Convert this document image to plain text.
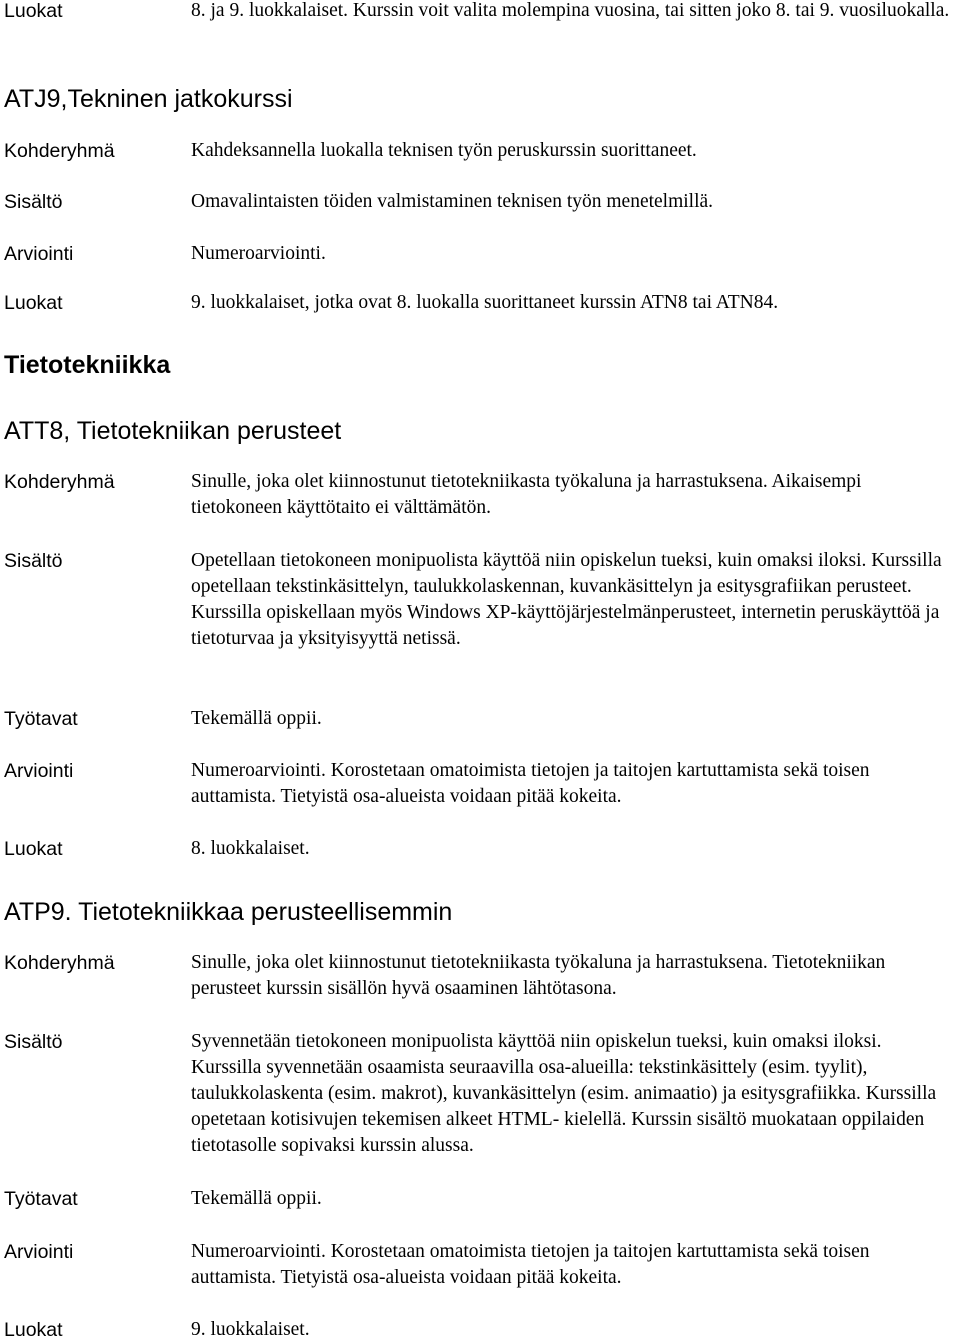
Luokat	8. ja 9. luokkalaiset. Kurssin voit valita molempina vuosina, tai sitten joko 8. tai 9. vuosiluokalla.
ATJ9,Tekninen jatkokurssi
Kohderyhmä	Kahdeksannella luokalla teknisen työn peruskurssin suorittaneet.
Sisältö	Omavalintaisten töiden valmistaminen teknisen työn menetelmillä.
Arviointi	Numeroarviointi.
Luokat	9. luokkalaiset, jotka ovat 8. luokalla suorittaneet kurssin ATN8 tai ATN84.
Tietotekniikka
ATT8, Tietotekniikan perusteet
Kohderyhmä	Sinulle, joka olet kiinnostunut tietotekniikasta työkaluna ja harrastuksena. Aikaisempi tietokoneen käyttötaito ei välttämätön.
Sisältö	Opetellaan tietokoneen monipuolista käyttöä niin opiskelun tueksi, kuin omaksi iloksi. Kurssilla opetellaan tekstinkäsittelyn, taulukkolaskennan, kuvankäsittelyn ja esitysgrafiikan perusteet. Kurssilla opiskellaan myös Windows XP-käyttöjärjestelmänperusteet, internetin peruskäyttöä ja tietoturvaa ja yksityisyyttä netissä.
Työtavat	Tekemällä oppii.
Arviointi	Numeroarviointi. Korostetaan omatoimista tietojen ja taitojen kartuttamista sekä toisen auttamista. Tietyistä osa-alueista voidaan pitää kokeita.
Luokat	8. luokkalaiset.
ATP9. Tietotekniikkaa perusteellisemmin
Kohderyhmä	Sinulle, joka olet kiinnostunut tietotekniikasta työkaluna ja harrastuksena. Tietotekniikan perusteet kurssin sisällön hyvä osaaminen lähtötasona.
Sisältö	Syvennetään tietokoneen monipuolista käyttöä niin opiskelun tueksi, kuin omaksi iloksi. Kurssilla syvennetään osaamista seuraavilla osa-alueilla: tekstinkäsittely (esim. tyylit), taulukkolaskenta (esim. makrot), kuvankäsittelyn (esim. animaatio) ja esitysgrafiikka. Kurssilla opetetaan kotisivujen tekemisen alkeet HTML- kielellä. Kurssin sisältö muokataan oppilaiden tietotasolle sopivaksi kurssin alussa.
Työtavat	Tekemällä oppii.
Arviointi	Numeroarviointi. Korostetaan omatoimista tietojen ja taitojen kartuttamista sekä toisen auttamista. Tietyistä osa-alueista voidaan pitää kokeita.
Luokat	9. luokkalaiset.
